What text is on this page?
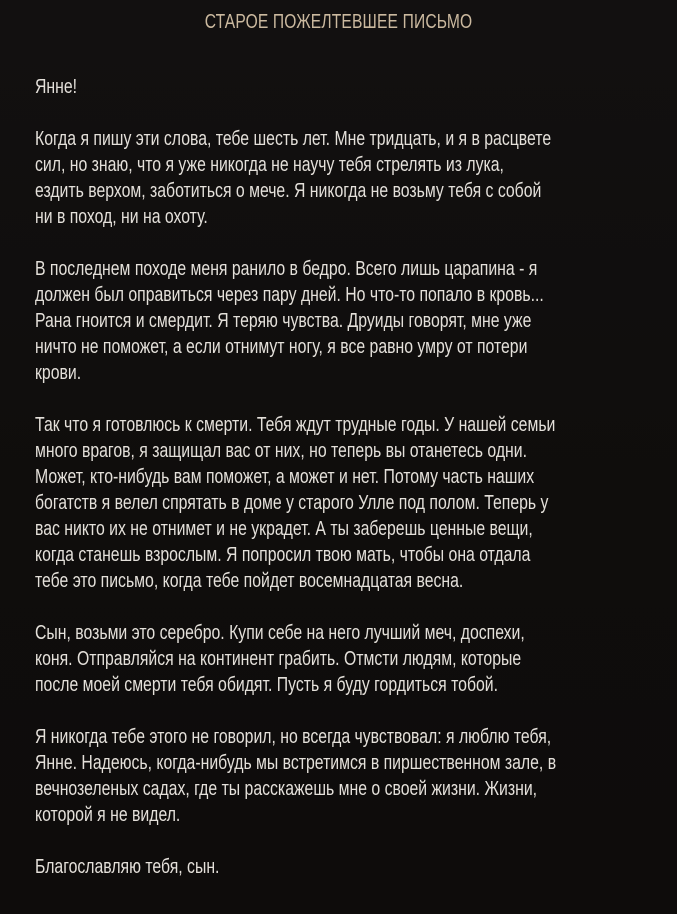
СТАРОЕ ПОЖЕЛТЕВШЕЕ ПИСЬМО
Янне!
Когда я пишу эти слова, тебе шесть лет. Мне тридцать, и я в расцвете
сил, но знаю, что я уже никогда не научу тебя стрелять из лука,
ездить верхом, заботиться о мече. Я никогда не возьму тебя с собой
ни в поход, ни на охоту.
В последнем походе меня ранило в бедро. Всего лишь царапина - я
должен был оправиться через пару дней. Но что-то попало в кровь...
Рана гноится и смердит. Я теряю чувства. Друиды говорят, мне уже
ничто не поможет, а если отнимут ногу, я все равно умру от потери
крови.
Так что я готовлюсь к смерти. Тебя ждут трудные годы. У нашей семьи
много врагов, я защищал вас от них, но теперь вы отанетесь одни.
Может, кто-нибудь вам поможет, а может и нет. Потому часть наших
богатств я велел спрятать в доме у старого Улле под полом. Теперь у
вас никто их не отнимет и не украдет. А ты заберешь ценные вещи,
когда станешь взрослым. Я попросил твою мать, чтобы она отдала
тебе это письмо, когда тебе пойдет восемнадцатая весна.
Сын, возьми это серебро. Купи себе на него лучший меч, доспехи,
коня. Отправляйся на континент грабить. Отмсти людям, которые
после моей смерти тебя обидят. Пусть я буду гордиться тобой.
Я никогда тебе этого не говорил, но всегда чувствовал: я люблю тебя,
Янне. Надеюсь, когда-нибудь мы встретимся в пиршественном зале, в
вечнозеленых садах, где ты расскажешь мне о своей жизни. Жизни,
которой я не видел.
Благославляю тебя, сын.
